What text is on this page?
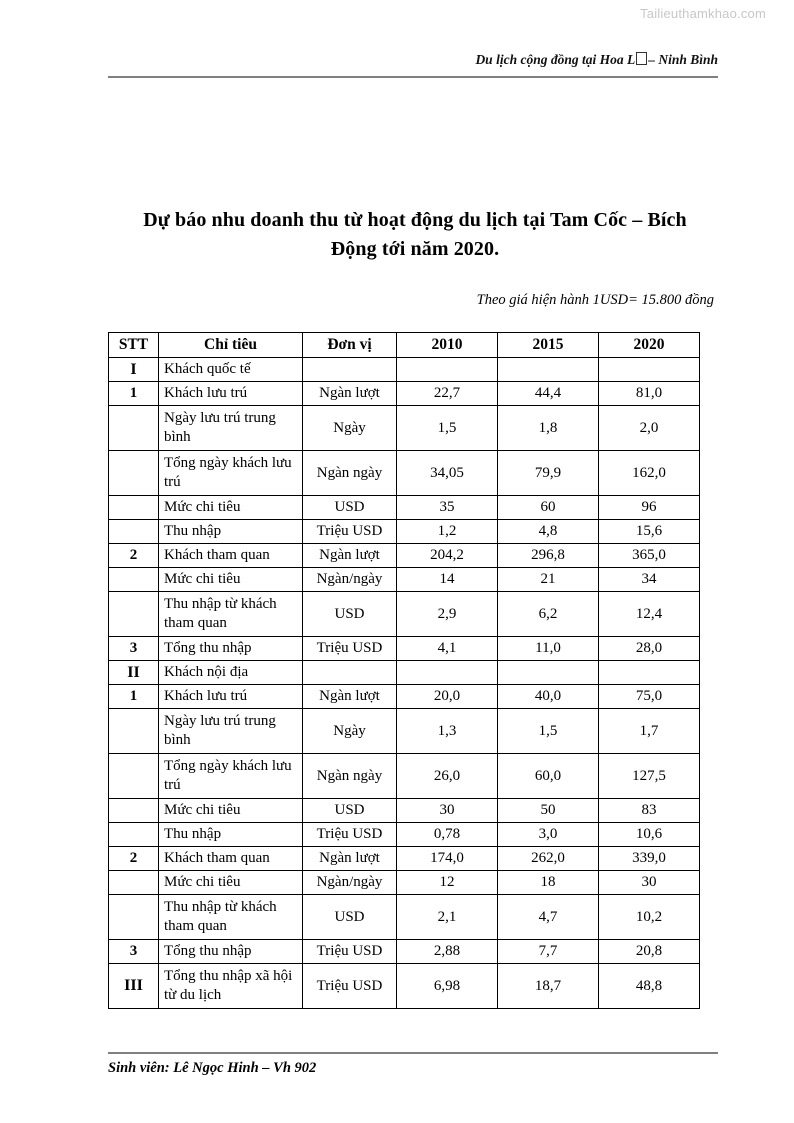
Tailieuthamkhao.com
Du lịch cộng đồng tại Hoa L – Ninh Bình
Dự báo nhu doanh thu từ hoạt động du lịch tại Tam Cốc – Bích Động tới năm 2020.
Theo giá hiện hành 1USD= 15.800 đồng
STT	Chỉ tiêu	Đơn vị	2010	2015	2020
I	Khách quốc tế				
1	Khách lưu trú	Ngàn lượt	22,7	44,4	81,0
	Ngày lưu trú trung bình	Ngày	1,5	1,8	2,0
	Tổng ngày khách lưu trú	Ngàn ngày	34,05	79,9	162,0
	Mức chi tiêu	USD	35	60	96
	Thu nhập	Triệu USD	1,2	4,8	15,6
2	Khách tham quan	Ngàn lượt	204,2	296,8	365,0
	Mức chi tiêu	Ngàn/ngày	14	21	34
	Thu nhập từ khách tham quan	USD	2,9	6,2	12,4
3	Tổng thu nhập	Triệu USD	4,1	11,0	28,0
II	Khách nội địa				
1	Khách lưu trú	Ngàn lượt	20,0	40,0	75,0
	Ngày lưu trú trung bình	Ngày	1,3	1,5	1,7
	Tổng ngày khách lưu trú	Ngàn ngày	26,0	60,0	127,5
	Mức chi tiêu	USD	30	50	83
	Thu nhập	Triệu USD	0,78	3,0	10,6
2	Khách tham quan	Ngàn lượt	174,0	262,0	339,0
	Mức chi tiêu	Ngàn/ngày	12	18	30
	Thu nhập từ khách tham quan	USD	2,1	4,7	10,2
3	Tổng thu nhập	Triệu USD	2,88	7,7	20,8
III	Tổng thu nhập xã hội từ du lịch	Triệu USD	6,98	18,7	48,8
Sinh viên: Lê Ngọc Hinh – Vh 902
